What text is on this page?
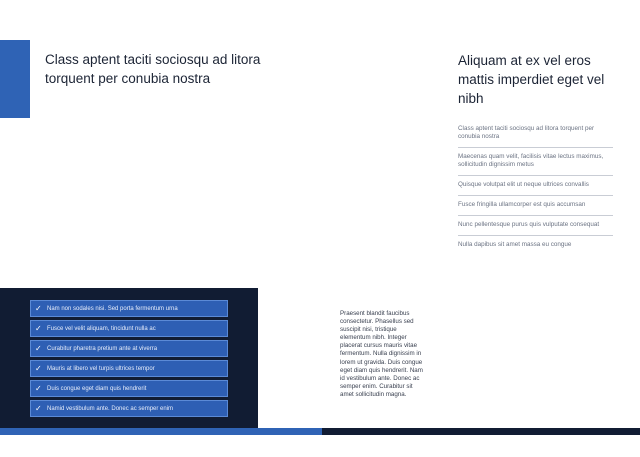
Class aptent taciti sociosqu ad litora torquent per conubia nostra
Aliquam at ex vel eros mattis imperdiet eget vel nibh
Class aptent taciti sociosqu ad litora torquent per conubia nostra
Maecenas quam velit, facilisis vitae lectus maximus, sollicitudin dignissim metus
Quisque volutpat elit ut neque ultrices convallis
Fusce fringilla ullamcorper est quis accumsan
Nunc pellentesque purus quis vulputate consequat
Nulla dapibus sit amet massa eu congue
✓ Nam non sodales nisi. Sed porta fermentum urna
✓ Fusce vel velit aliquam, tincidunt nulla ac
✓ Curabitur pharetra pretium ante at viverra
✓ Mauris at libero vel turpis ultrices tempor
✓ Duis congue eget diam quis hendrerit
✓ Namid vestibulum ante. Donec ac semper enim

Praesent blandit faucibus consectetur. Phasellus sed suscipit nisi, tristique elementum nibh. Integer placerat cursus mauris vitae fermentum. Nulla dignissim in lorem ut gravida. Duis congue eget diam quis hendrerit. Nam id vestibulum ante. Donec ac semper enim. Curabitur sit amet sollicitudin magna.
